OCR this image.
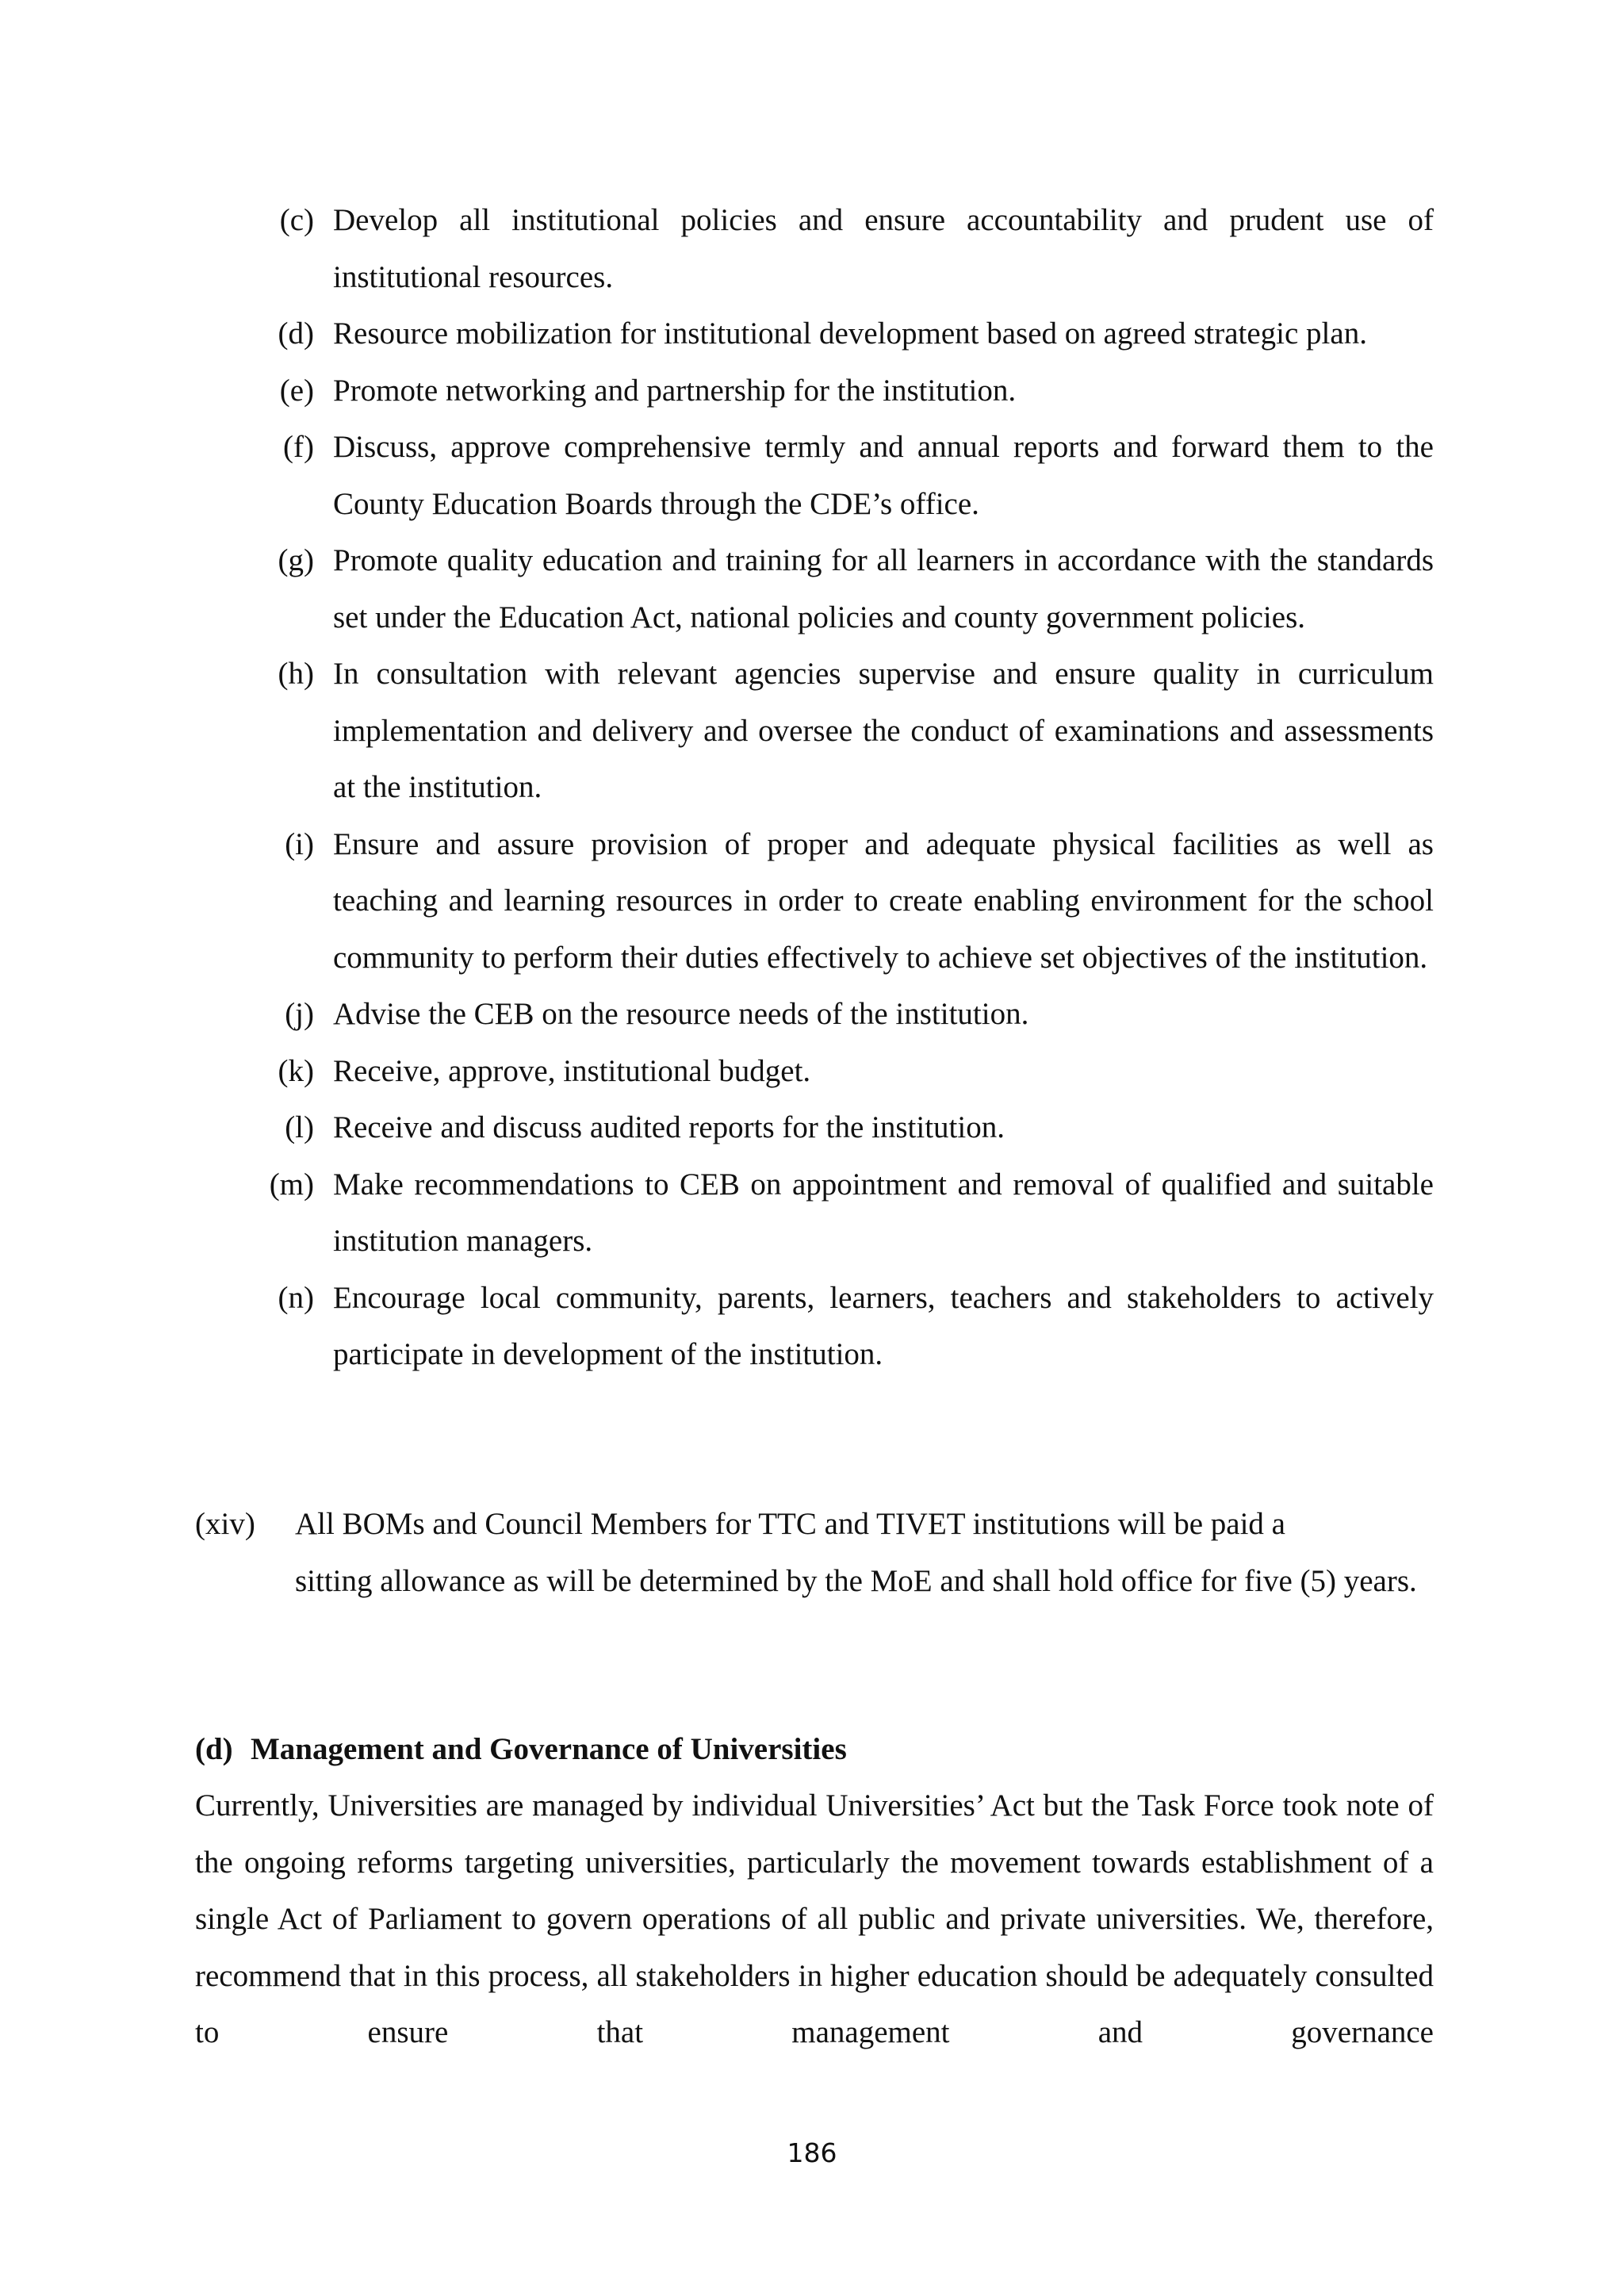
(c) Develop all institutional policies and ensure accountability and prudent use of institutional resources.
(d) Resource mobilization for institutional development based on agreed strategic plan.
(e) Promote networking and partnership for the institution.
(f) Discuss, approve comprehensive termly and annual reports and forward them to the County Education Boards through the CDE’s office.
(g) Promote quality education and training for all learners in accordance with the standards set under the Education Act, national policies and county government policies.
(h) In consultation with relevant agencies supervise and ensure quality in curriculum implementation and delivery and oversee the conduct of examinations and assessments at the institution.
(i) Ensure and assure provision of proper and adequate physical facilities as well as teaching and learning resources in order to create enabling environment for the school community to perform their duties effectively to achieve set objectives of the institution.
(j) Advise the CEB on the resource needs of the institution.
(k) Receive, approve, institutional budget.
(l) Receive and discuss audited reports for the institution.
(m) Make recommendations to CEB on appointment and removal of qualified and suitable institution managers.
(n) Encourage local community, parents, learners, teachers and stakeholders to actively participate in development of the institution.
(xiv) All BOMs and Council Members for TTC and TIVET institutions will be paid a
sitting allowance as will be determined by the MoE and shall hold office for five (5) years.
(d) Management and Governance of Universities

Currently, Universities are managed by individual Universities’ Act but the Task Force took note of the ongoing reforms targeting universities, particularly the movement towards establishment of a single Act of Parliament to govern operations of all public and private universities. We, therefore, recommend that in this process, all stakeholders in higher education should be adequately consulted to ensure that management and governance

186
